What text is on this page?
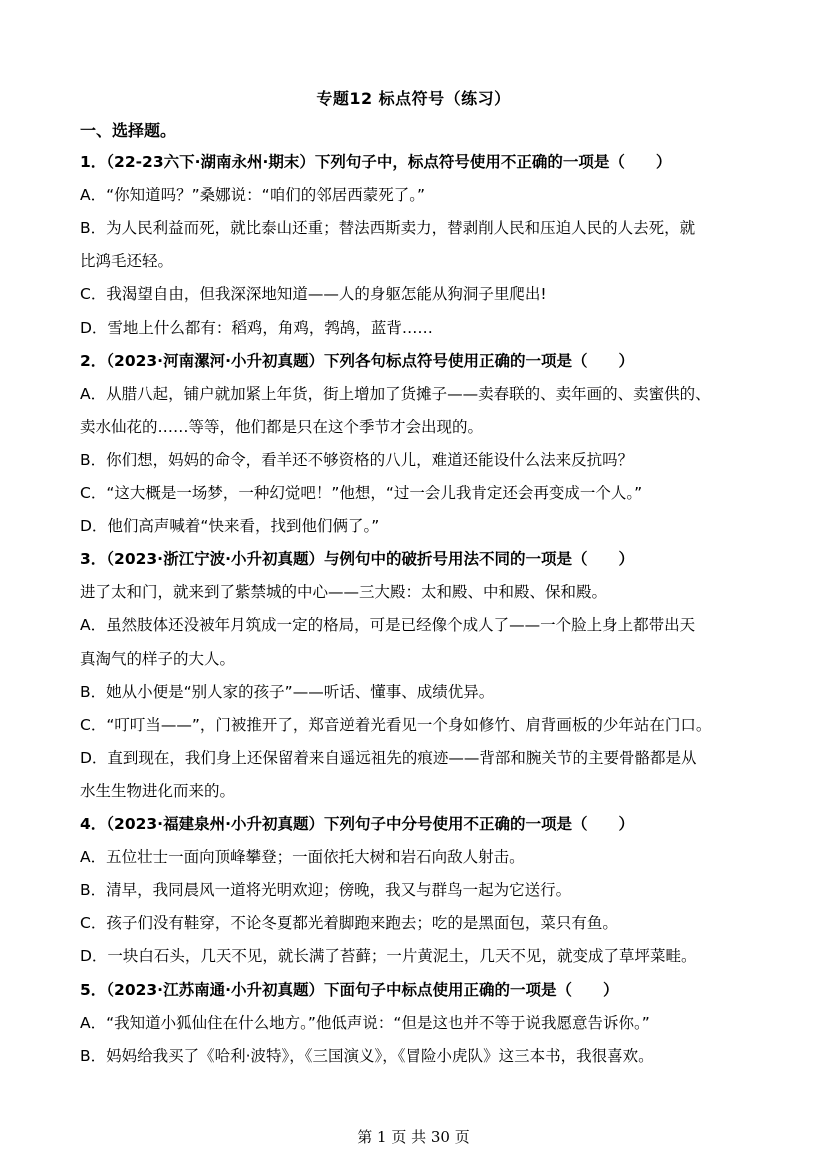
专题12 标点符号（练习）
一、选择题。
1．（22-23六下·湖南永州·期末）下列句子中，标点符号使用不正确的一项是（　　）
A．“你知道吗？”桑娜说：“咱们的邻居西蒙死了。”
B．为人民利益而死，就比泰山还重；替法西斯卖力，替剥削人民和压迫人民的人去死，就
比鸿毛还轻。
C．我渴望自由，但我深深地知道——人的身躯怎能从狗洞子里爬出!
D．雪地上什么都有：稻鸡，角鸡，鹁鸪，蓝背……
2．（2023·河南漯河·小升初真题）下列各句标点符号使用正确的一项是（　　）
A．从腊八起，铺户就加紧上年货，街上增加了货摊子——卖春联的、卖年画的、卖蜜供的、
卖水仙花的……等等，他们都是只在这个季节才会出现的。
B．你们想，妈妈的命令，看羊还不够资格的八儿，难道还能设什么法来反抗吗？
C．“这大概是一场梦，一种幻觉吧！”他想，“过一会儿我肯定还会再变成一个人。”
D．他们高声喊着“快来看，找到他们俩了。”
3．（2023·浙江宁波·小升初真题）与例句中的破折号用法不同的一项是（　　）
进了太和门，就来到了紫禁城的中心——三大殿：太和殿、中和殿、保和殿。
A．虽然肢体还没被年月筑成一定的格局，可是已经像个成人了——一个脸上身上都带出天
真淘气的样子的大人。
B．她从小便是“别人家的孩子”——听话、懂事、成绩优异。
C．“叮叮当——”，门被推开了，郑音逆着光看见一个身如修竹、肩背画板的少年站在门口。
D．直到现在，我们身上还保留着来自遥远祖先的痕迹——背部和腕关节的主要骨骼都是从
水生生物进化而来的。
4．（2023·福建泉州·小升初真题）下列句子中分号使用不正确的一项是（　　）
A．五位壮士一面向顶峰攀登；一面依托大树和岩石向敌人射击。
B．清早，我同晨风一道将光明欢迎；傍晚，我又与群鸟一起为它送行。
C．孩子们没有鞋穿，不论冬夏都光着脚跑来跑去；吃的是黑面包，菜只有鱼。
D．一块白石头，几天不见，就长满了苔藓；一片黄泥土，几天不见，就变成了草坪菜畦。
5．（2023·江苏南通·小升初真题）下面句子中标点使用正确的一项是（　　）
A．“我知道小狐仙住在什么地方。”他低声说：“但是这也并不等于说我愿意告诉你。”
B．妈妈给我买了《哈利·波特》，《三国演义》，《冒险小虎队》这三本书，我很喜欢。
第 1 页 共 30 页
